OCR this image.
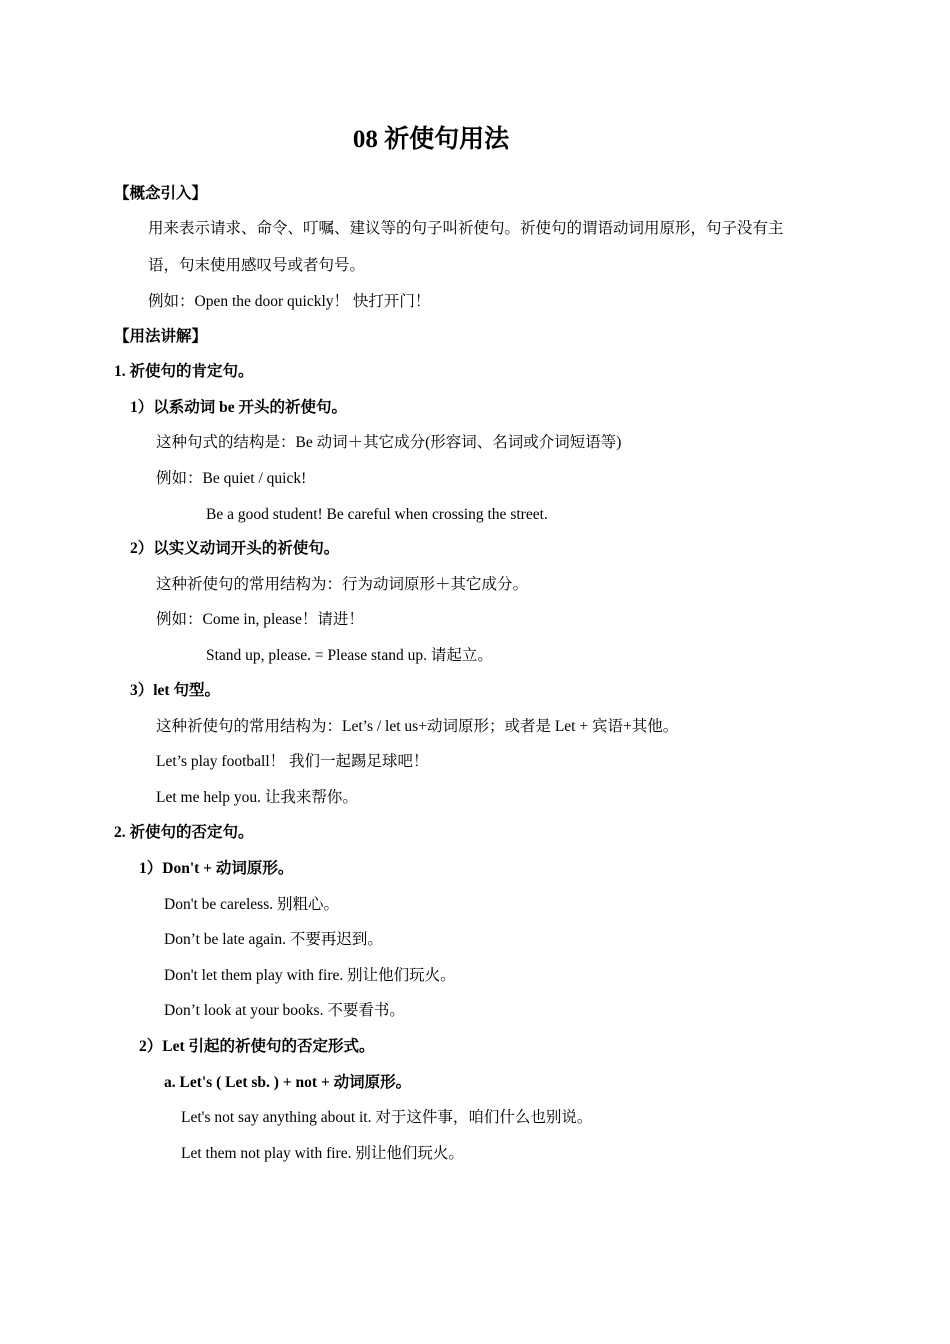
08 祈使句用法
【概念引入】
用来表示请求、命令、叮嘱、建议等的句子叫祈使句。祈使句的谓语动词用原形，句子没有主
语，句末使用感叹号或者句号。
例如：Open the door quickly！ 快打开门！
【用法讲解】
1. 祈使句的肯定句。
1）以系动词 be 开头的祈使句。
这种句式的结构是：Be 动词＋其它成分(形容词、名词或介词短语等)
例如：Be quiet / quick!
Be a good student! Be careful when crossing the street.
2）以实义动词开头的祈使句。
这种祈使句的常用结构为：行为动词原形＋其它成分。
例如：Come in, please！请进！
Stand up, please. = Please stand up. 请起立。
3）let 句型。
这种祈使句的常用结构为：Let’s / let us+动词原形；或者是 Let + 宾语+其他。
Let’s play football！ 我们一起踢足球吧！
Let me help you. 让我来帮你。
2. 祈使句的否定句。
1）Don't + 动词原形。
Don't be careless. 别粗心。
Don’t be late again. 不要再迟到。
Don't let them play with fire. 别让他们玩火。
Don’t look at your books. 不要看书。
2）Let 引起的祈使句的否定形式。
a. Let's ( Let sb. ) + not + 动词原形。
Let's not say anything about it. 对于这件事，咱们什么也别说。
Let them not play with fire. 别让他们玩火。
